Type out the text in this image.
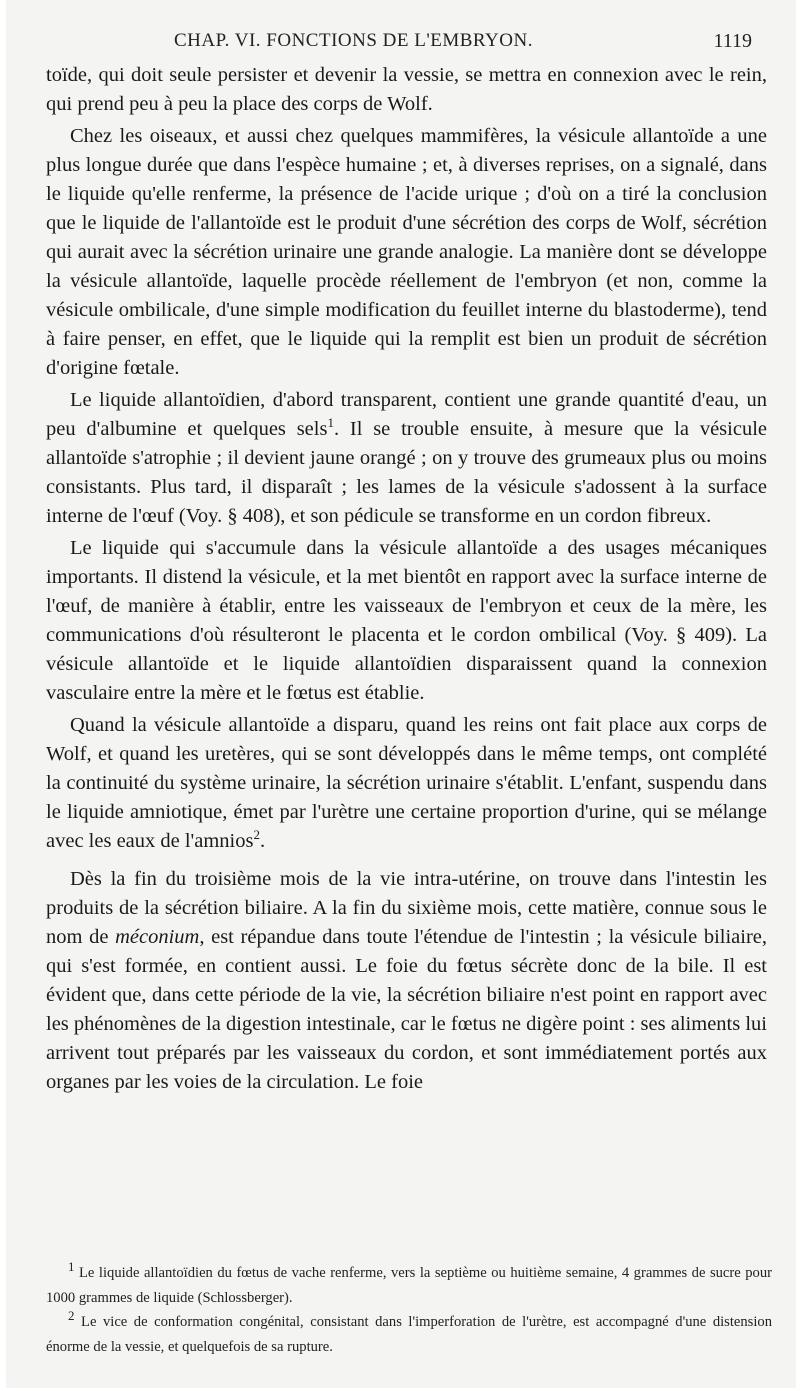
CHAP. VI. FONCTIONS DE L'EMBRYON.	1119

toïde, qui doit seule persister et devenir la vessie, se mettra en connexion avec le rein, qui prend peu à peu la place des corps de Wolf.

Chez les oiseaux, et aussi chez quelques mammifères, la vésicule allantoïde a une plus longue durée que dans l'espèce humaine ; et, à diverses reprises, on a signalé, dans le liquide qu'elle renferme, la présence de l'acide urique ; d'où on a tiré la conclusion que le liquide de l'allantoïde est le produit d'une sécrétion des corps de Wolf, sécrétion qui aurait avec la sécrétion urinaire une grande analogie. La manière dont se développe la vésicule allantoïde, laquelle procède réellement de l'embryon (et non, comme la vésicule ombilicale, d'une simple modification du feuillet interne du blastoderme), tend à faire penser, en effet, que le liquide qui la remplit est bien un produit de sécrétion d'origine fœtale.

Le liquide allantoïdien, d'abord transparent, contient une grande quantité d'eau, un peu d'albumine et quelques sels$^1$. Il se trouble ensuite, à mesure que la vésicule allantoïde s'atrophie ; il devient jaune orangé ; on y trouve des grumeaux plus ou moins consistants. Plus tard, il disparaît ; les lames de la vésicule s'adossent à la surface interne de l'œuf (Voy. § 408), et son pédicule se transforme en un cordon fibreux.

Le liquide qui s'accumule dans la vésicule allantoïde a des usages mécaniques importants. Il distend la vésicule, et la met bientôt en rapport avec la surface interne de l'œuf, de manière à établir, entre les vaisseaux de l'embryon et ceux de la mère, les communications d'où résulteront le placenta et le cordon ombilical (Voy. § 409). La vésicule allantoïde et le liquide allantoïdien disparaissent quand la connexion vasculaire entre la mère et le fœtus est établie.

Quand la vésicule allantoïde a disparu, quand les reins ont fait place aux corps de Wolf, et quand les uretères, qui se sont développés dans le même temps, ont complété la continuité du système urinaire, la sécrétion urinaire s'établit. L'enfant, suspendu dans le liquide amniotique, émet par l'urètre une certaine proportion d'urine, qui se mélange avec les eaux de l'amnios$^2$.

Dès la fin du troisième mois de la vie intra-utérine, on trouve dans l'intestin les produits de la sécrétion biliaire. A la fin du sixième mois, cette matière, connue sous le nom de méconium, est répandue dans toute l'étendue de l'intestin ; la vésicule biliaire, qui s'est formée, en contient aussi. Le foie du fœtus sécrète donc de la bile. Il est évident que, dans cette période de la vie, la sécrétion biliaire n'est point en rapport avec les phénomènes de la digestion intestinale, car le fœtus ne digère point : ses aliments lui arrivent tout préparés par les vaisseaux du cordon, et sont immédiatement portés aux organes par les voies de la circulation. Le foie

$^1$ Le liquide allantoïdien du fœtus de vache renferme, vers la septième ou huitième semaine, 4 grammes de sucre pour 1000 grammes de liquide (Schlossberger).

$^2$ Le vice de conformation congénital, consistant dans l'imperforation de l'urètre, est accompagné d'une distension énorme de la vessie, et quelquefois de sa rupture.
